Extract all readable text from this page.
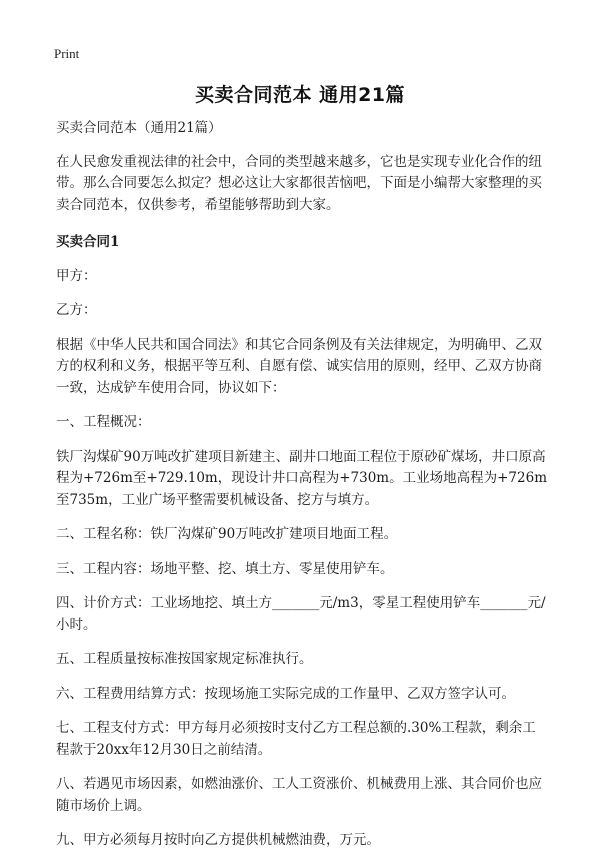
Print
买卖合同范本 通用21篇

买卖合同范本（通用21篇）

在人民愈发重视法律的社会中，合同的类型越来越多，它也是实现专业化合作的纽带。那么合同要怎么拟定？想必这让大家都很苦恼吧，下面是小编帮大家整理的买卖合同范本，仅供参考，希望能够帮助到大家。

买卖合同1

甲方：

乙方：

根据《中华人民共和国合同法》和其它合同条例及有关法律规定，为明确甲、乙双方的权利和义务，根据平等互利、自愿有偿、诚实信用的原则，经甲、乙双方协商一致，达成铲车使用合同，协议如下：

一、工程概况：

铁厂沟煤矿90万吨改扩建项目新建主、副井口地面工程位于原砂矿煤场，井口原高程为+726m至+729.10m，现设计井口高程为+730m。工业场地高程为+726m至735m，工业广场平整需要机械设备、挖方与填方。

二、工程名称：铁厂沟煤矿90万吨改扩建项目地面工程。

三、工程内容：场地平整、挖、填土方、零星使用铲车。

四、计价方式：工业场地挖、填土方_______元/m3，零星工程使用铲车_______元/小时。

五、工程质量按标准按国家规定标准执行。

六、工程费用结算方式：按现场施工实际完成的工作量甲、乙双方签字认可。

七、工程支付方式：甲方每月必须按时支付乙方工程总额的.30%工程款，剩余工程款于20xx年12月30日之前结清。

八、若遇见市场因素，如燃油涨价、工人工资涨价、机械费用上涨、其合同价也应随市场价上调。

九、甲方必须每月按时向乙方提供机械燃油费，万元。
